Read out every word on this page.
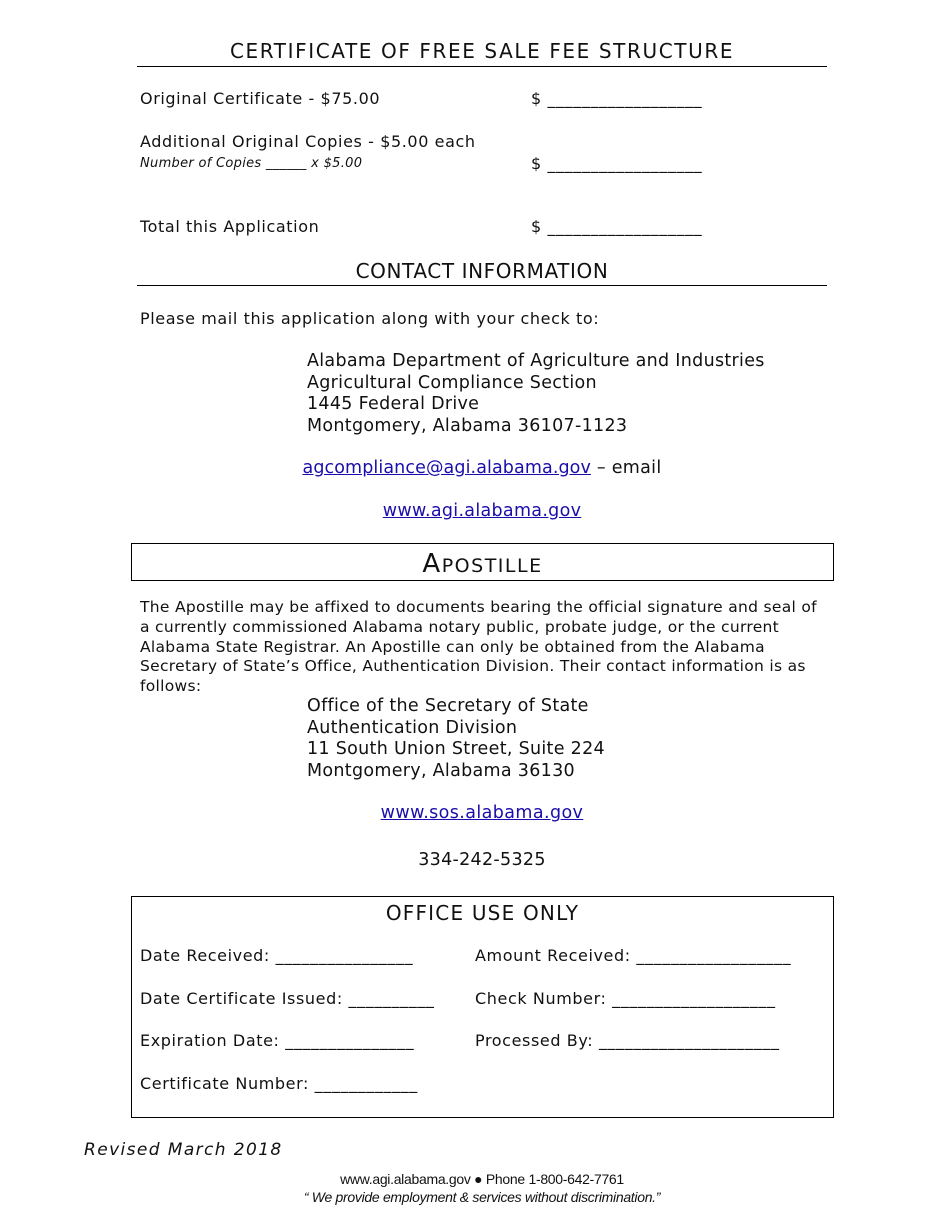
CERTIFICATE OF FREE SALE FEE STRUCTURE
Original Certificate - $75.00	$ __________________
Additional Original Copies - $5.00 each
Number of Copies ______ x $5.00	$ __________________
Total this Application	$ __________________
CONTACT INFORMATION
Please mail this application along with your check to:
Alabama Department of Agriculture and Industries
Agricultural Compliance Section
1445 Federal Drive
Montgomery, Alabama 36107-1123
agcompliance@agi.alabama.gov – email
www.agi.alabama.gov
APOSTILLE
The Apostille may be affixed to documents bearing the official signature and seal of a currently commissioned Alabama notary public, probate judge, or the current Alabama State Registrar. An Apostille can only be obtained from the Alabama Secretary of State’s Office, Authentication Division. Their contact information is as follows:
Office of the Secretary of State
Authentication Division
11 South Union Street, Suite 224
Montgomery, Alabama 36130
www.sos.alabama.gov
334-242-5325
OFFICE USE ONLY
Date Received: ________________	Amount Received: __________________
Date Certificate Issued: __________	Check Number: ___________________
Expiration Date: _______________	Processed By: _____________________
Certificate Number: ____________
Revised March 2018
www.agi.alabama.gov ● Phone 1-800-642-7761
“ We provide employment & services without discrimination.”
